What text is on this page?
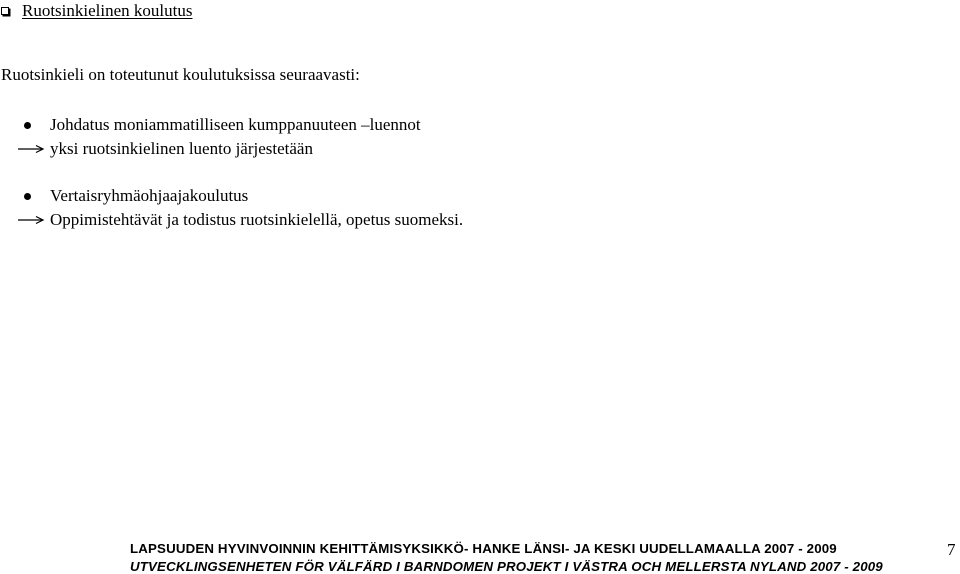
Ruotsinkielinen koulutus
Ruotsinkieli on toteutunut koulutuksissa seuraavasti:
Johdatus moniammatilliseen kumppanuuteen –luennot
yksi ruotsinkielinen luento järjestetään
Vertaisryhmäohjaajakoulutus
Oppimistehtävät ja todistus ruotsinkielellä, opetus suomeksi.
LAPSUUDEN HYVINVOINNIN KEHITTÄMISYKSIKKÖ- HANKE LÄNSI- JA KESKI UUDELLAMAALLA 2007 - 2009
UTVECKLINGSENHETEN FÖR VÄLFÄRD I BARNDOMEN PROJEKT I VÄSTRA OCH MELLERSTA NYLAND 2007 - 2009
7
